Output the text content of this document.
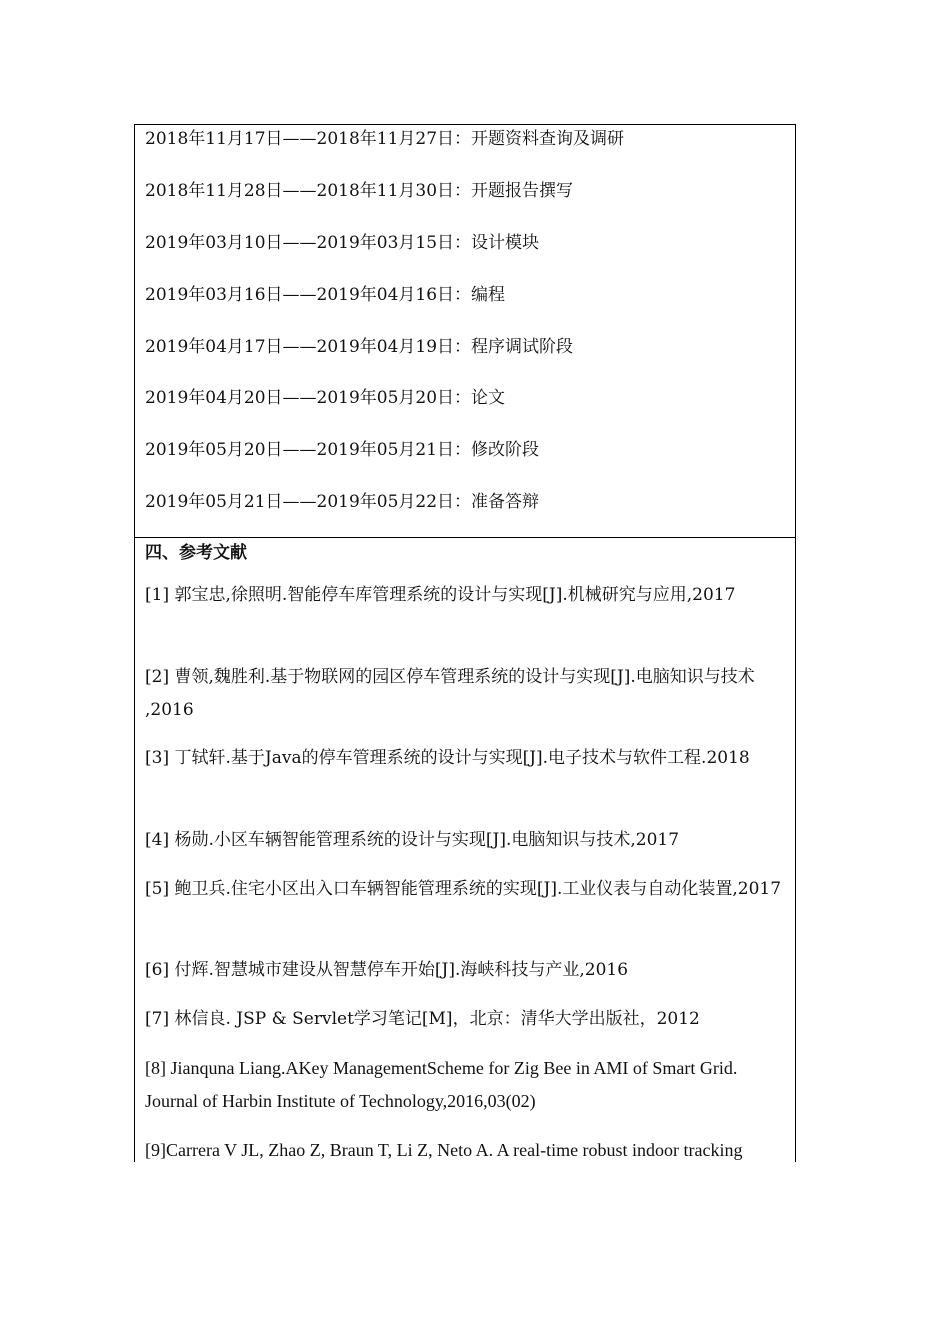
2018年11月17日——2018年11月27日：开题资料查询及调研
2018年11月28日——2018年11月30日：开题报告撰写
2019年03月10日——2019年03月15日：设计模块
2019年03月16日——2019年04月16日：编程
2019年04月17日——2019年04月19日：程序调试阶段
2019年04月20日——2019年05月20日：论文
2019年05月20日——2019年05月21日：修改阶段
2019年05月21日——2019年05月22日：准备答辩
四、参考文献
[1] 郭宝忠,徐照明.智能停车库管理系统的设计与实现[J].机械研究与应用,2017
[2] 曹领,魏胜利.基于物联网的园区停车管理系统的设计与实现[J].电脑知识与技术 ,2016
[3] 丁轼轩.基于Java的停车管理系统的设计与实现[J].电子技术与软件工程.2018
[4] 杨勋.小区车辆智能管理系统的设计与实现[J].电脑知识与技术,2017
[5] 鲍卫兵.住宅小区出入口车辆智能管理系统的实现[J].工业仪表与自动化装置,2017
[6] 付辉.智慧城市建设从智慧停车开始[J].海峡科技与产业,2016
[7] 林信良. JSP & Servlet学习笔记[M]，北京：清华大学出版社，2012
[8] Jianquna Liang.AKey ManagementScheme for Zig Bee in AMI of Smart Grid. Journal of Harbin Institute of Technology,2016,03(02)
[9]Carrera V JL, Zhao Z, Braun T, Li Z, Neto A. A real-time robust indoor tracking
